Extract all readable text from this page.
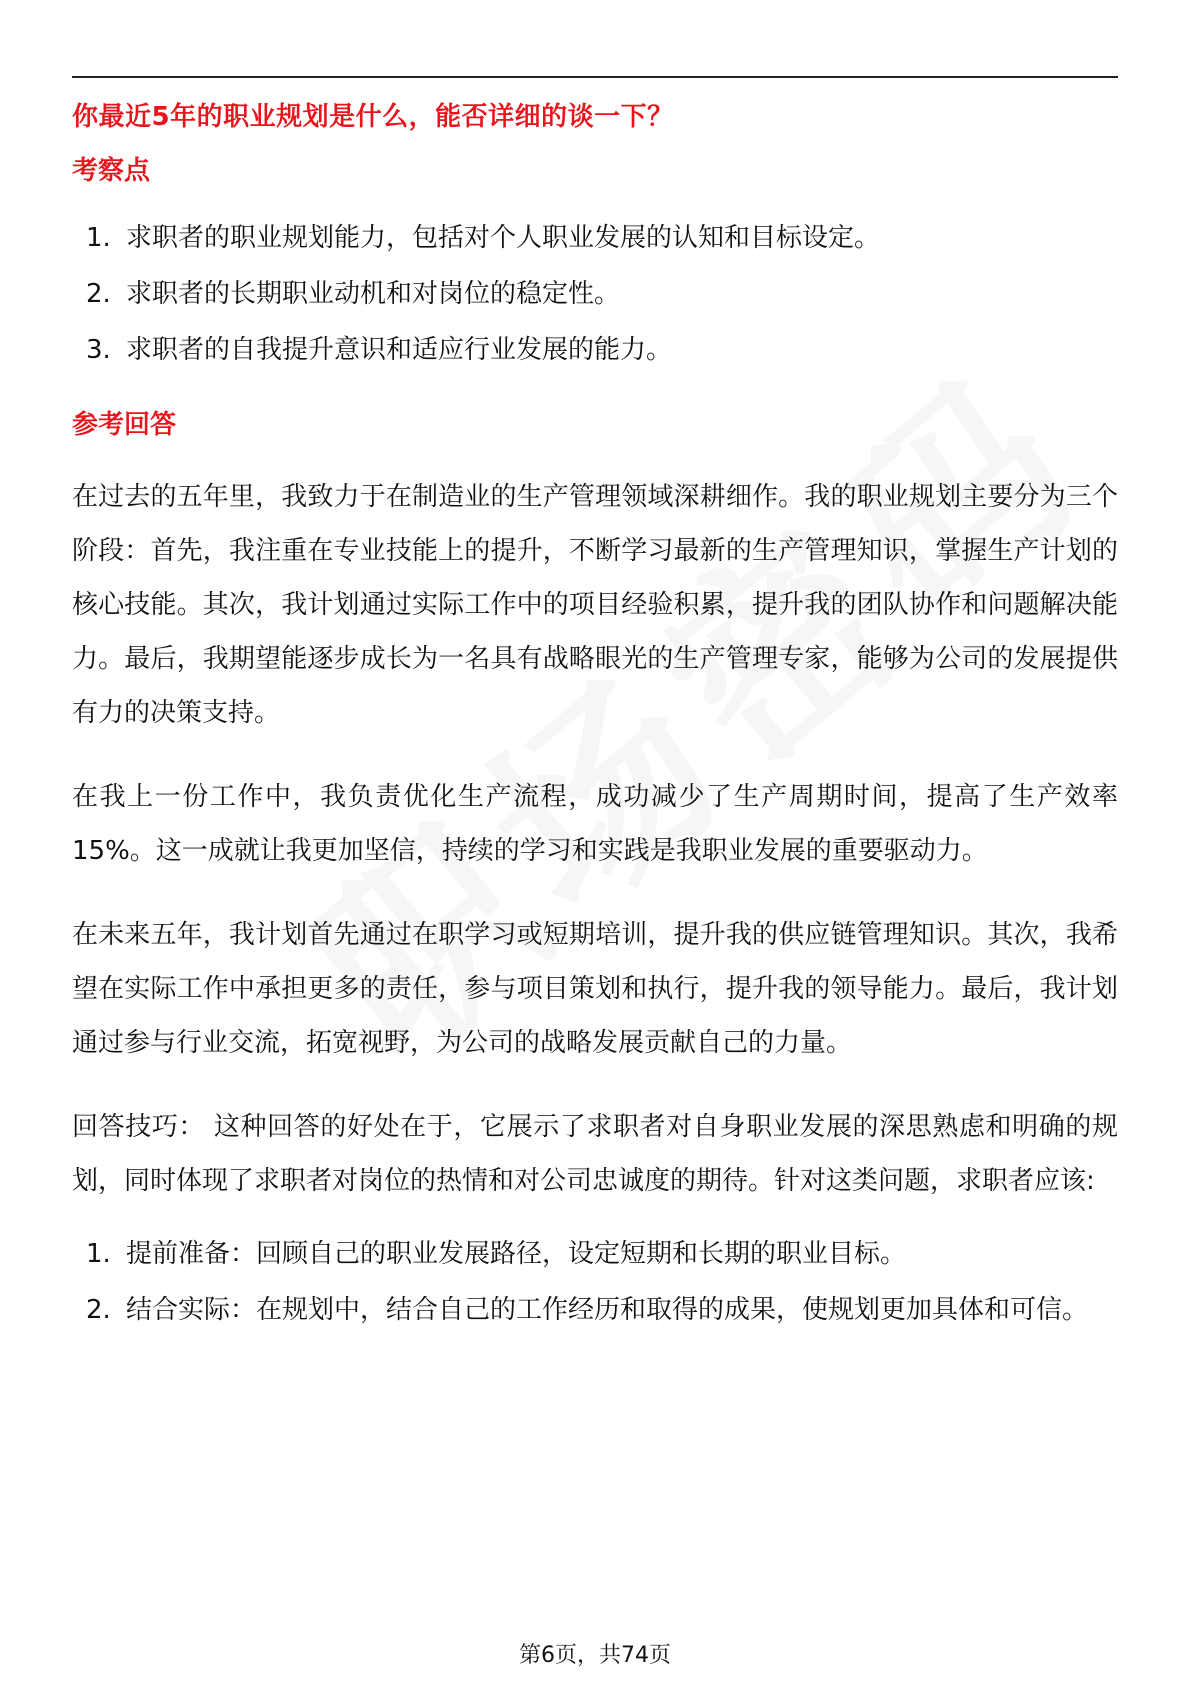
你最近5年的职业规划是什么，能否详细的谈一下？
考察点
1. 求职者的职业规划能力，包括对个人职业发展的认知和目标设定。
2. 求职者的长期职业动机和对岗位的稳定性。
3. 求职者的自我提升意识和适应行业发展的能力。
参考回答

在过去的五年里，我致力于在制造业的生产管理领域深耕细作。我的职业规划主要分为三个阶段：首先，我注重在专业技能上的提升，不断学习最新的生产管理知识，掌握生产计划的核心技能。其次，我计划通过实际工作中的项目经验积累，提升我的团队协作和问题解决能力。最后，我期望能逐步成长为一名具有战略眼光的生产管理专家，能够为公司的发展提供有力的决策支持。

在我上一份工作中，我负责优化生产流程，成功减少了生产周期时间，提高了生产效率15%。这一成就让我更加坚信，持续的学习和实践是我职业发展的重要驱动力。

在未来五年，我计划首先通过在职学习或短期培训，提升我的供应链管理知识。其次，我希望在实际工作中承担更多的责任，参与项目策划和执行，提升我的领导能力。最后，我计划通过参与行业交流，拓宽视野，为公司的战略发展贡献自己的力量。

回答技巧： 这种回答的好处在于，它展示了求职者对自身职业发展的深思熟虑和明确的规划，同时体现了求职者对岗位的热情和对公司忠诚度的期待。针对这类问题，求职者应该:

1. 提前准备：回顾自己的职业发展路径，设定短期和长期的职业目标。
2. 结合实际：在规划中，结合自己的工作经历和取得的成果，使规划更加具体和可信。
第6页，共74页
